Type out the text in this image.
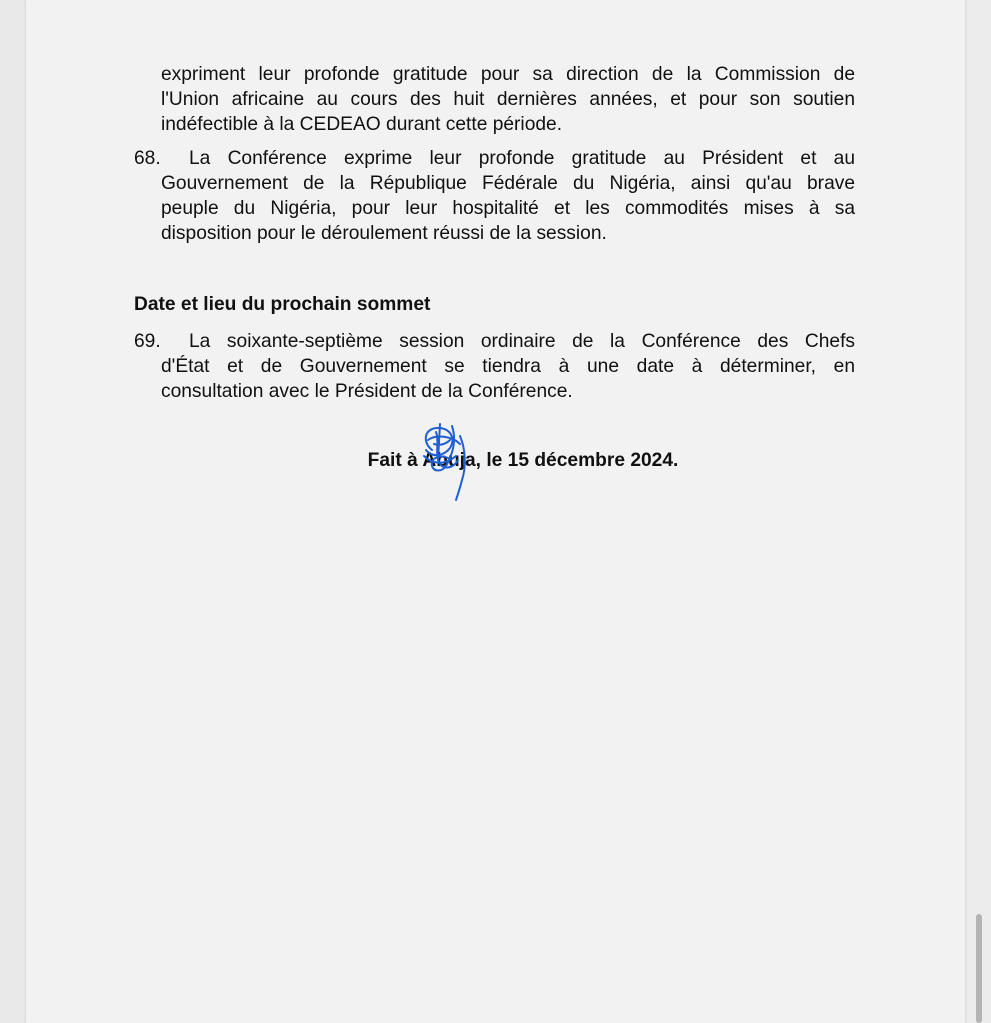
expriment leur profonde gratitude pour sa direction de la Commission de
l'Union africaine au cours des huit dernières années, et pour son soutien
indéfectible à la CEDEAO durant cette période.
68. La Conférence exprime leur profonde gratitude au Président et au
Gouvernement de la République Fédérale du Nigéria, ainsi qu'au brave
peuple du Nigéria, pour leur hospitalité et les commodités mises à sa
disposition pour le déroulement réussi de la session.
Date et lieu du prochain sommet
69. La soixante-septième session ordinaire de la Conférence des Chefs
d'État et de Gouvernement se tiendra à une date à déterminer, en
consultation avec le Président de la Conférence.
Fait à Abuja, le 15 décembre 2024.
